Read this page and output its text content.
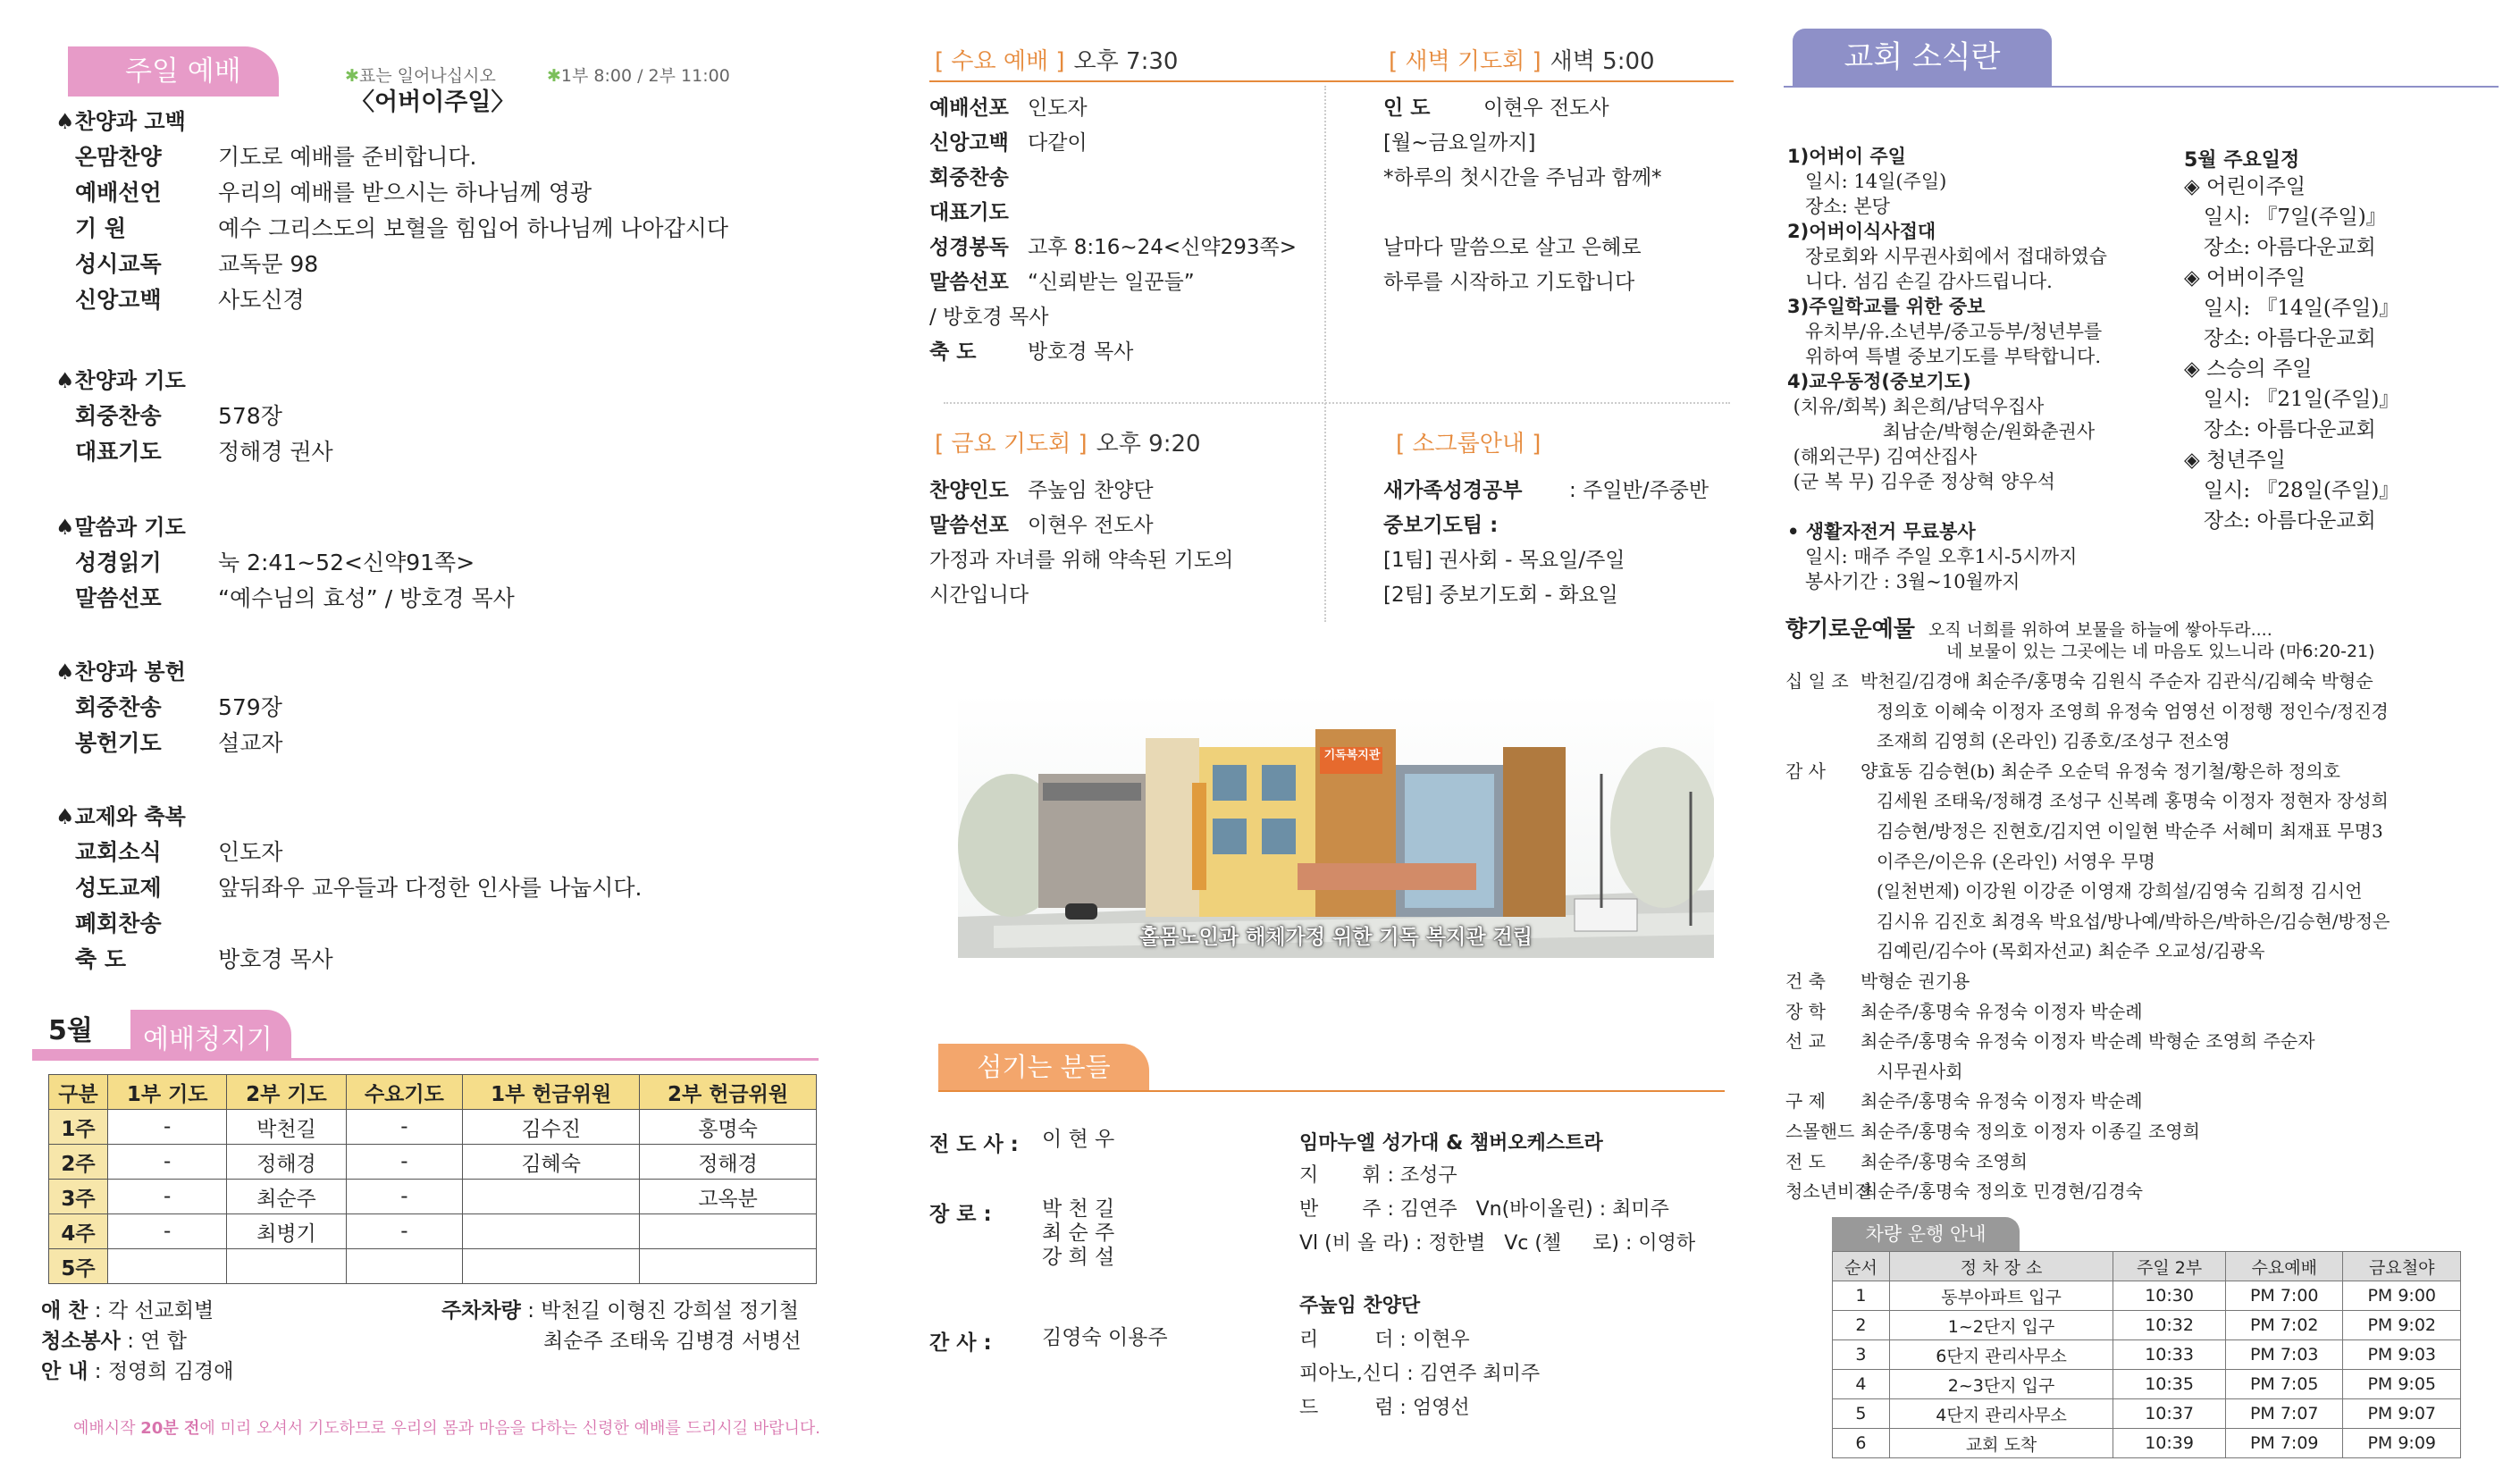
주일 예배	✱표는 일어나십시오	✱1부 8:00 / 2부 11:00
〈어버이주일〉
♠찬양과 고백
온맘찬양	기도로 예배를 준비합니다.
예배선언	우리의 예배를 받으시는 하나님께 영광
기 원	예수 그리스도의 보혈을 힘입어 하나님께 나아갑시다
성시교독	교독문 98
신앙고백	사도신경
♠찬양과 기도
회중찬송	578장
대표기도	정해경 권사
♠말씀과 기도
성경읽기	눅 2:41~52<신약91쪽>
말씀선포	“예수님의 효성” / 방호경 목사
♠찬양과 봉헌
회중찬송	579장
봉헌기도	설교자
♠교제와 축복
교회소식	인도자
성도교제	앞뒤좌우 교우들과 다정한 인사를 나눕시다.
폐회찬송
축 도	방호경 목사
5월 예배청지기
구분	1부 기도	2부 기도	수요기도	1부 헌금위원	2부 헌금위원
1주	-	박천길	-	김수진	홍명숙
2주	-	정해경	-	김혜숙	정해경
3주	-	최순주	-		고옥분
4주	-	최병기	-		
5주					
애 찬 : 각 선교회별
청소봉사 : 연 합
안 내 : 정영희 김경애
주차차량 : 박천길 이형진 강희설 정기철
최순주 조태욱 김병경 서병선
예배시작 20분 전에 미리 오셔서 기도하므로 우리의 몸과 마음을 다하는 신령한 예배를 드리시길 바랍니다.
[ 수요 예배 ] 오후 7:30	[ 새벽 기도회 ] 새벽 5:00
예배선포 인도자
신앙고백 다같이
회중찬송
대표기도
성경봉독 고후 8:16~24<신약293쪽>
말씀선포 “신뢰받는 일꾼들”
/ 방호경 목사
축 도	방호경 목사
인 도	이현우 전도사
[월~금요일까지]
*하루의 첫시간을 주님과 함께*
날마다 말씀으로 살고 은혜로
하루를 시작하고 기도합니다
[ 금요 기도회 ] 오후 9:20	[ 소그룹안내 ]
찬양인도 주높임 찬양단
말씀선포 이현우 전도사
가정과 자녀를 위해 약속된 기도의
시간입니다
새가족성경공부 : 주일반/주중반
중보기도팀 :
[1팀] 권사회 - 목요일/주일
[2팀] 중보기도회 - 화요일
기독복지관
홀몸노인과 해체가정 위한 기독 복지관 건립
섬기는 분들
전 도 사 : 이 현 우
장 로 : 박 천 길
최 순 주
강 희 설
간 사 : 김영숙 이용주
임마누엘 성가대 & 챔버오케스트라
지       휘 : 조성구
반       주 : 김연주   Vn(바이올린) : 최미주
Vl (비 올 라) : 정한별   Vc (첼     로) : 이영하
주높임 찬양단
리         더 : 이현우
피아노,신디 : 김연주 최미주
드         럼 : 엄영선
교회 소식란
1)어버이 주일
일시: 14일(주일)
장소: 본당
2)어버이식사접대
장로회와 시무권사회에서 접대하였습
니다. 섬김 손길 감사드립니다.
3)주일학교를 위한 중보
유치부/유.소년부/중고등부/청년부를
위하여 특별 중보기도를 부탁합니다.
4)교우동정(중보기도)
(치유/회복) 최은희/남덕우집사
최남순/박형순/원화춘권사
(해외근무) 김여산집사
(군 복 무) 김우준 정상혁 양우석
• 생활자전거 무료봉사
일시: 매주 주일 오후1시-5시까지
봉사기간 : 3월~10월까지
5월 주요일정
◈ 어린이주일
일시: 『7일(주일)』
장소: 아름다운교회
◈ 어버이주일
일시: 『14일(주일)』
장소: 아름다운교회
◈ 스승의 주일
일시: 『21일(주일)』
장소: 아름다운교회
◈ 청년주일
일시: 『28일(주일)』
장소: 아름다운교회
향기로운예물 오직 너희를 위하여 보물을 하늘에 쌓아두라....
네 보물이 있는 그곳에는 네 마음도 있느니라 (마6:20-21)
십 일 조 박천길/김경애 최순주/홍명숙 김원식 주순자 김관식/김혜숙 박형순
정의호 이혜숙 이정자 조영희 유정숙 엄영선 이정행 정인수/정진경
조재희 김영희 (온라인) 김종호/조성구 전소영
감 사 양효동 김승현(b) 최순주 오순덕 유정숙 정기철/황은하 정의호
김세원 조태욱/정해경 조성구 신복례 홍명숙 이정자 정현자 장성희
김승현/방정은 진현호/김지연 이일현 박순주 서혜미 최재표 무명3
이주은/이은유 (온라인) 서영우 무명
(일천번제) 이강원 이강준 이영재 강희설/김영숙 김희정 김시언
김시유 김진호 최경옥 박요섭/방나예/박하은/박하은/김승현/방정은
김예린/김수아 (목회자선교) 최순주 오교성/김광옥
건 축 박형순 권기용
장 학 최순주/홍명숙 유정숙 이정자 박순례
선 교 최순주/홍명숙 유정숙 이정자 박순례 박형순 조영희 주순자
시무권사회
구 제 최순주/홍명숙 유정숙 이정자 박순례
스몰핸드 최순주/홍명숙 정의호 이정자 이종길 조영희
전 도 최순주/홍명숙 조영희
청소년비전
최순주/홍명숙 정의호 민경현/김경숙
차량 운행 안내
순서	정 차 장 소	주일 2부	수요예배	금요철야
1	동부아파트 입구	10:30	PM 7:00	PM 9:00
2	1~2단지 입구	10:32	PM 7:02	PM 9:02
3	6단지 관리사무소	10:33	PM 7:03	PM 9:03
4	2~3단지 입구	10:35	PM 7:05	PM 9:05
5	4단지 관리사무소	10:37	PM 7:07	PM 9:07
6	교회 도착	10:39	PM 7:09	PM 9:09
